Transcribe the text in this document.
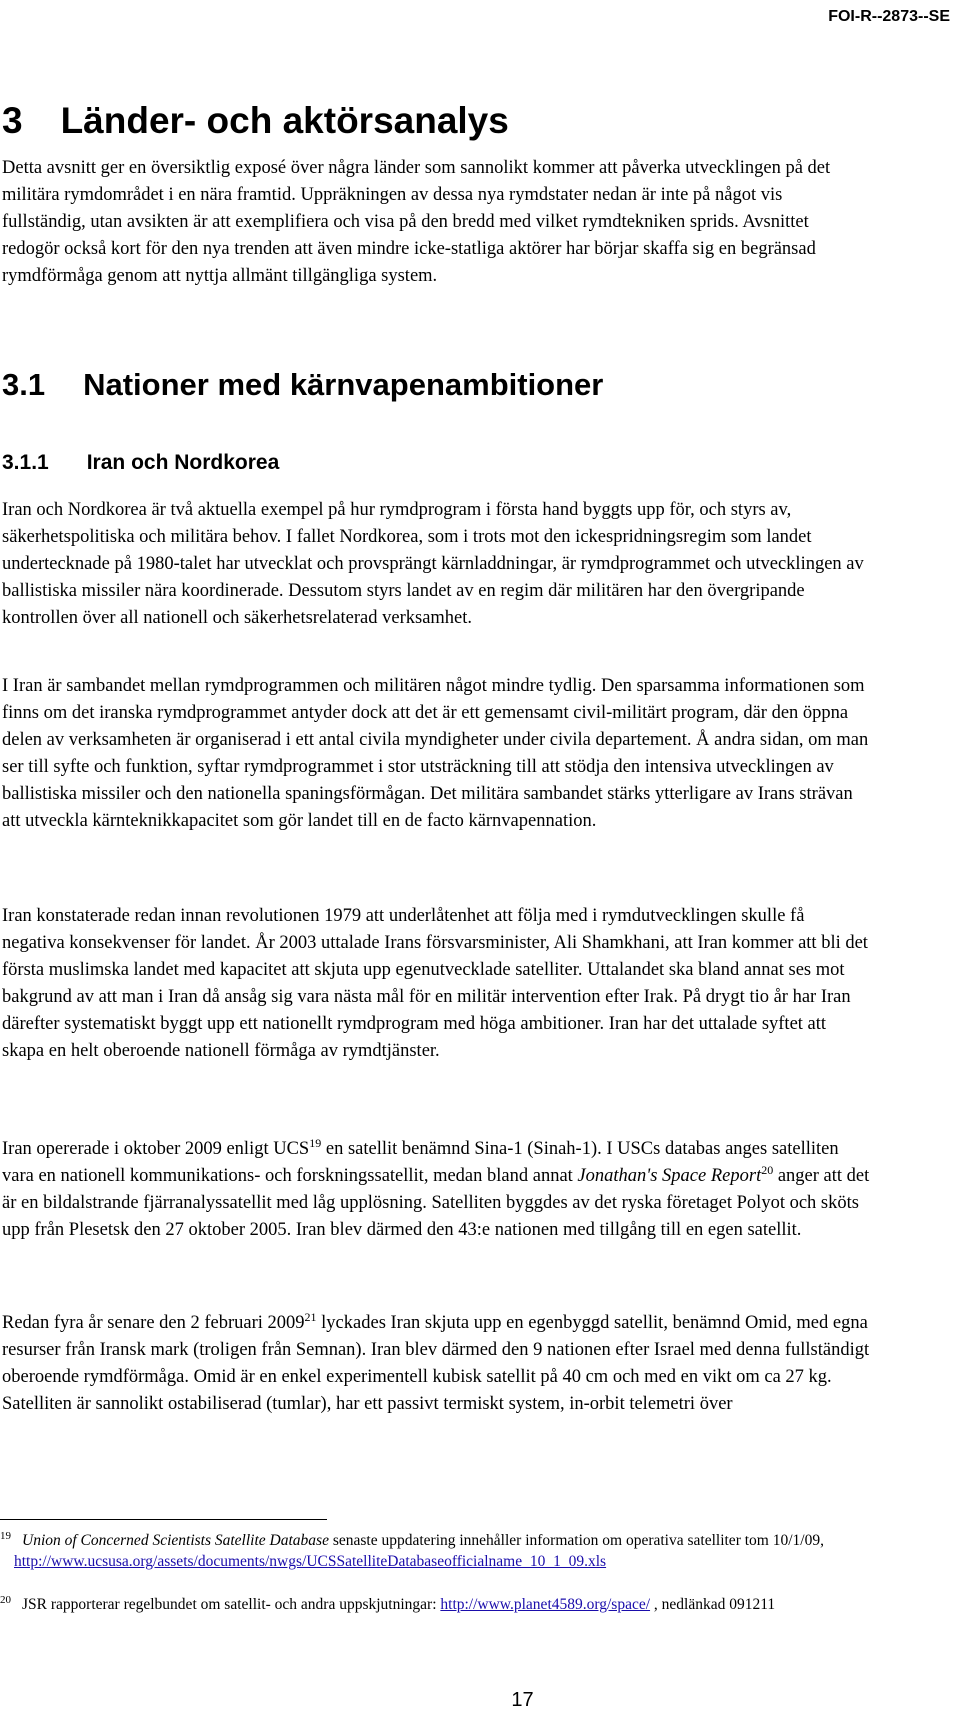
FOI-R--2873--SE
3 Länder- och aktörsanalys

Detta avsnitt ger en översiktlig exposé över några länder som sannolikt kommer att påverka utvecklingen på det militära rymdområdet i en nära framtid. Uppräkningen av dessa nya rymdstater nedan är inte på något vis fullständig, utan avsikten är att exemplifiera och visa på den bredd med vilket rymdtekniken sprids. Avsnittet redogör också kort för den nya trenden att även mindre icke-statliga aktörer har börjar skaffa sig en begränsad rymdförmåga genom att nyttja allmänt tillgängliga system.

3.1 Nationer med kärnvapenambitioner
3.1.1 Iran och Nordkorea

Iran och Nordkorea är två aktuella exempel på hur rymdprogram i första hand byggts upp för, och styrs av, säkerhetspolitiska och militära behov. I fallet Nordkorea, som i trots mot den ickespridningsregim som landet undertecknade på 1980-talet har utvecklat och provsprängt kärnladdningar, är rymdprogrammet och utvecklingen av ballistiska missiler nära koordinerade. Dessutom styrs landet av en regim där militären har den övergripande kontrollen över all nationell och säkerhetsrelaterad verksamhet.

I Iran är sambandet mellan rymdprogrammen och militären något mindre tydlig. Den sparsamma informationen som finns om det iranska rymdprogrammet antyder dock att det är ett gemensamt civil-militärt program, där den öppna delen av verksamheten är organiserad i ett antal civila myndigheter under civila departement. Å andra sidan, om man ser till syfte och funktion, syftar rymdprogrammet i stor utsträckning till att stödja den intensiva utvecklingen av ballistiska missiler och den nationella spaningsförmågan. Det militära sambandet stärks ytterligare av Irans strävan att utveckla kärnteknikkapacitet som gör landet till en de facto kärnvapennation.

Iran konstaterade redan innan revolutionen 1979 att underlåtenhet att följa med i rymdutvecklingen skulle få negativa konsekvenser för landet. År 2003 uttalade Irans försvarsminister, Ali Shamkhani, att Iran kommer att bli det första muslimska landet med kapacitet att skjuta upp egenutvecklade satelliter. Uttalandet ska bland annat ses mot bakgrund av att man i Iran då ansåg sig vara nästa mål för en militär intervention efter Irak. På drygt tio år har Iran därefter systematiskt byggt upp ett nationellt rymdprogram med höga ambitioner. Iran har det uttalade syftet att skapa en helt oberoende nationell förmåga av rymdtjänster.

Iran opererade i oktober 2009 enligt UCS$^{19}$ en satellit benämnd Sina-1 (Sinah-1). I USCs databas anges satelliten vara en nationell kommunikations- och forskningssatellit, medan bland annat Jonathan's Space Report$^{20}$ anger att det är en bildalstrande fjärranalyssatellit med låg upplösning. Satelliten byggdes av det ryska företaget Polyot och sköts upp från Plesetsk den 27 oktober 2005. Iran blev därmed den 43:e nationen med tillgång till en egen satellit.

Redan fyra år senare den 2 februari 2009$^{21}$ lyckades Iran skjuta upp en egenbyggd satellit, benämnd Omid, med egna resurser från Iransk mark (troligen från Semnan). Iran blev därmed den 9 nationen efter Israel med denna fullständigt oberoende rymdförmåga. Omid är en enkel experimentell kubisk satellit på 40 cm och med en vikt om ca 27 kg. Satelliten är sannolikt ostabiliserad (tumlar), har ett passivt termiskt system, in-orbit telemetri över

19 Union of Concerned Scientists Satellite Database senaste uppdatering innehåller information om operativa satelliter tom 10/1/09,
http://www.ucsusa.org/assets/documents/nwgs/UCSSatelliteDatabaseofficialname_10_1_09.xls
20 JSR rapporterar regelbundet om satellit- och andra uppskjutningar: http://www.planet4589.org/space/ , nedlänkad 091211
17
